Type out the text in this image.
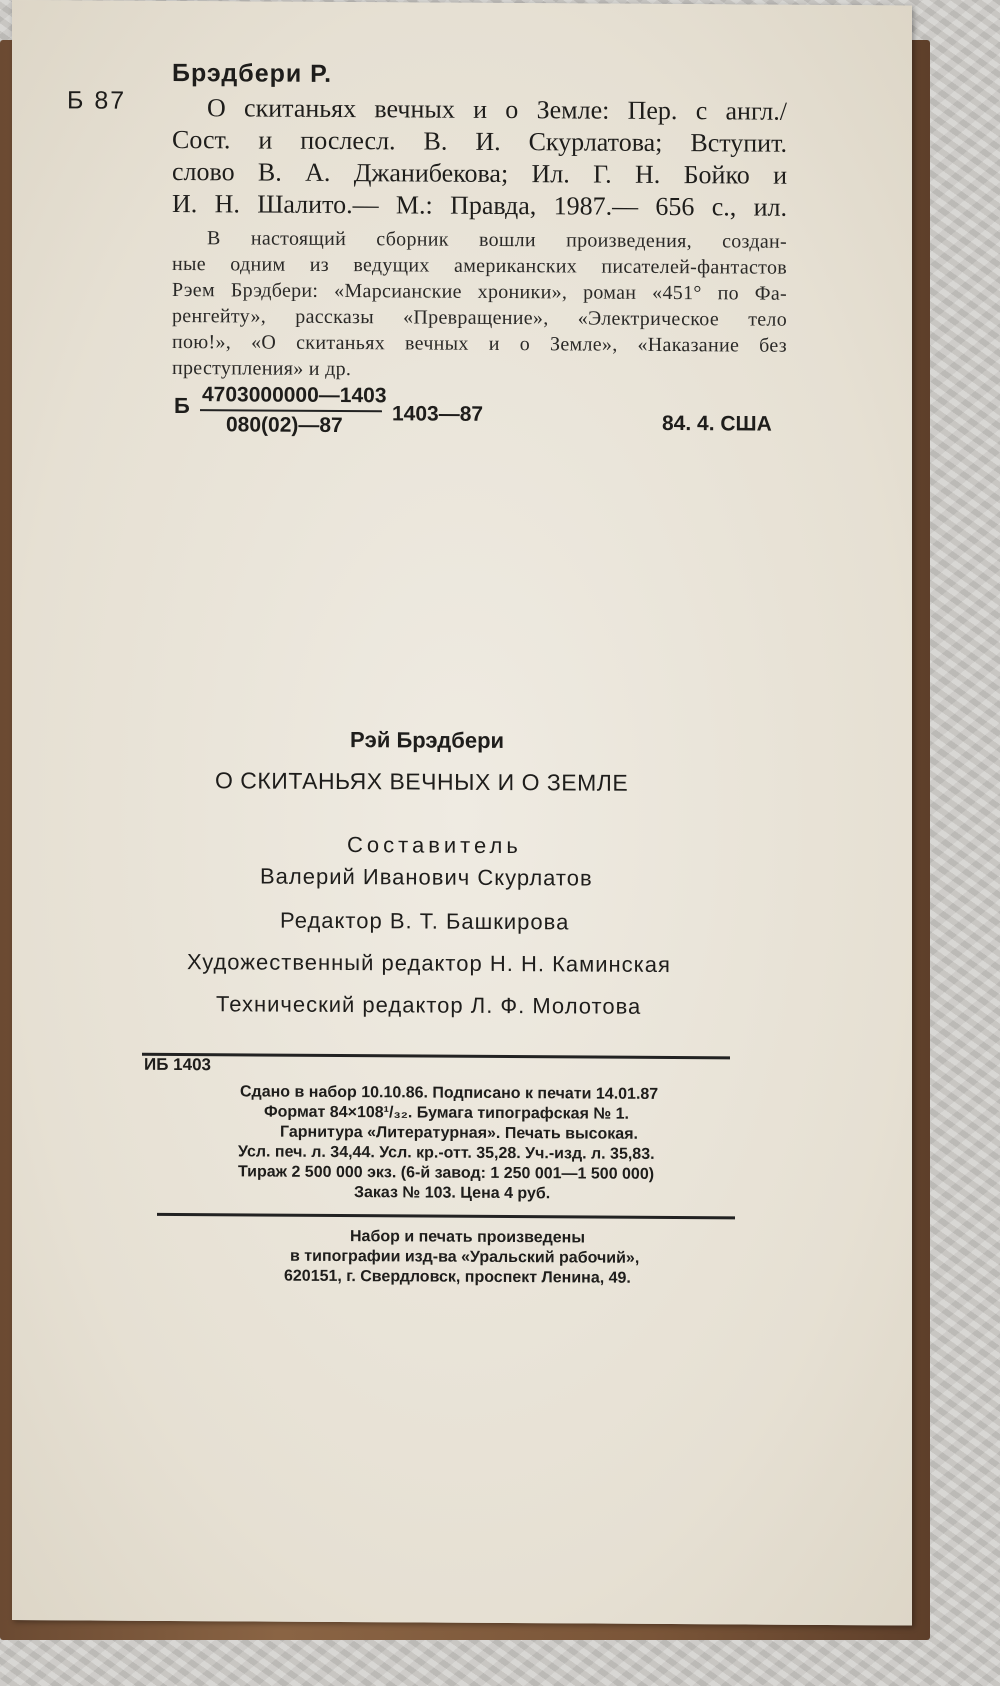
Б 87
Брэдбери Р.
О скитаньях вечных и о Земле: Пер. с англ./
Сост. и послесл. В. И. Скурлатова; Вступит.
слово В. А. Джанибекова; Ил. Г. Н. Бойко и
И. Н. Шалито.— М.: Правда, 1987.— 656 с., ил.
В настоящий сборник вошли произведения, создан-
ные одним из ведущих американских писателей-фантастов
Рэем Брэдбери: «Марсианские хроники», роман «451° по Фа-
ренгейту», рассказы «Превращение», «Электрическое тело
пою!», «О скитаньях вечных и о Земле», «Наказание без
преступления» и др.
Б 4703000000—1403
080(02)—87 1403—87	84. 4. США
Рэй Брэдбери
О СКИТАНЬЯХ ВЕЧНЫХ И О ЗЕМЛЕ
Составитель
Валерий Иванович Скурлатов
Редактор В. Т. Башкирова
Художественный редактор Н. Н. Каминская
Технический редактор Л. Ф. Молотова
ИБ 1403
Сдано в набор 10.10.86. Подписано к печати 14.01.87
Формат 84×108¹/₃₂. Бумага типографская № 1.
Гарнитура «Литературная». Печать высокая.
Усл. печ. л. 34,44. Усл. кр.-отт. 35,28. Уч.-изд. л. 35,83.
Тираж 2 500 000 экз. (6-й завод: 1 250 001—1 500 000)
Заказ № 103. Цена 4 руб.
Набор и печать произведены
в типографии изд-ва «Уральский рабочий»,
620151, г. Свердловск, проспект Ленина, 49.
